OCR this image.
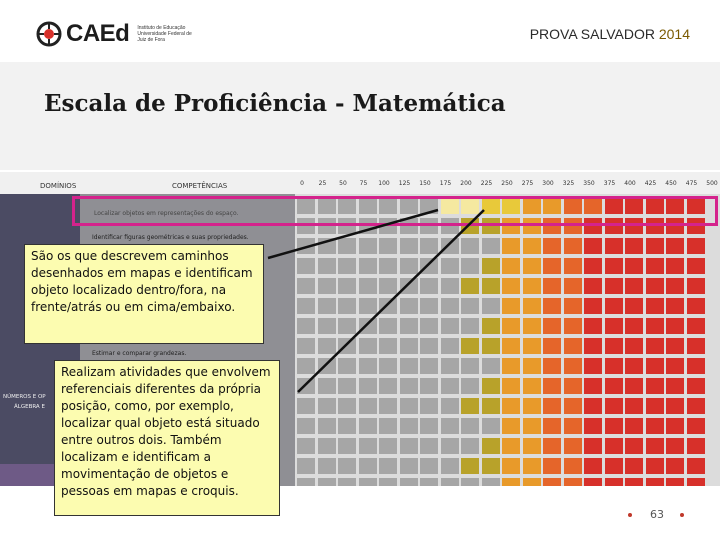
CAEd Instituto de Educação Universidade Federal de Juiz de Fora	PROVA SALVADOR 2014
Escala de Proficiência - Matemática
DOMÍNIOS	COMPETÊNCIAS	0	25	50	75	100	125	150	175	200	225	250	275	300	325	350	375	400	425	450	475	500
NÚMEROS E OP
ÁLGEBRA E
Identificar figuras geométricas e suas propriedades.
Estimar e comparar grandezas.
Localizar objetos em representações do espaço.
São os que descrevem caminhos desenhados em mapas e identificam objeto localizado dentro/fora, na frente/atrás ou em cima/embaixo.
Realizam atividades que envolvem referenciais diferentes da própria posição, como, por exemplo, localizar qual objeto está situado entre outros dois. Também localizam e identificam a movimentação de objetos e pessoas em mapas e croquis.
63
